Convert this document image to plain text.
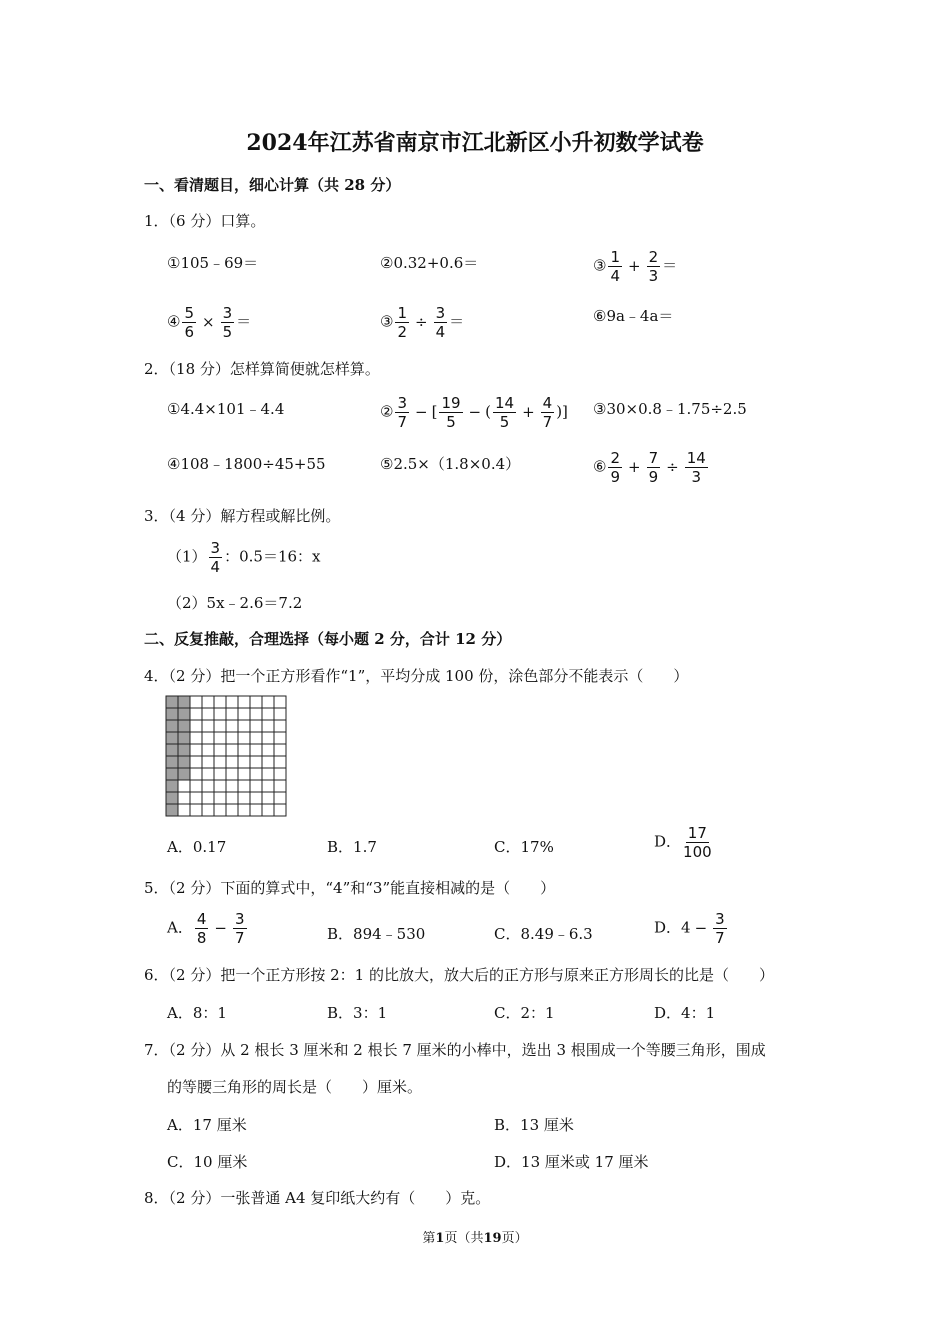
2024年江苏省南京市江北新区小升初数学试卷
一、看清题目，细心计算（共 28 分）
1．（6 分）口算。
①105﹣69＝	②0.32+0.6＝	③ $\frac{1}{4} + \frac{2}{3}$ ＝
④ $\frac{5}{6} \times \frac{3}{5}$ ＝	③ $\frac{1}{2} \div \frac{3}{4}$ ＝	⑥9a﹣4a＝
2．（18 分）怎样算简便就怎样算。
①4.4×101﹣4.4	② $\frac{3}{7}$ − [ $\frac{19}{5}$ − ( $\frac{14}{5} + \frac{4}{7}$ )] ③30×0.8﹣1.75÷2.5
④108﹣1800÷45+55	⑤2.5×（1.8×0.4）	⑥ $\frac{2}{9} + \frac{7}{9} \div \frac{14}{3}$
3．（4 分）解方程或解比例。
$(1) \frac{3}{4}$ ：0.5＝16：x
（2）5x﹣2.6＝7.2
二、反复推敲，合理选择（每小题 2 分，合计 12 分）
4．（2 分）把一个正方形看作“1”，平均分成 100 份，涂色部分不能表示（　　）
A．0.17	B．1.7	C．17%	D． $\frac{17}{100}$
5．（2 分）下面的算式中，“4”和“3”能直接相减的是（　　）
A． $\frac{4}{8} - \frac{3}{7}$	B．894﹣530	C．8.49﹣6.3	D．$4 - \frac{3}{7}$
6．（2 分）把一个正方形按 2：1 的比放大，放大后的正方形与原来正方形周长的比是（　　）
A．8：1	B．3：1	C．2：1	D．4：1
7．（2 分）从 2 根长 3 厘米和 2 根长 7 厘米的小棒中，选出 3 根围成一个等腰三角形，围成
的等腰三角形的周长是（　　）厘米。
A．17 厘米	B．13 厘米
C．10 厘米	D．13 厘米或 17 厘米
8．（2 分）一张普通 A4 复印纸大约有（　　）克。
第1页（共19页）
